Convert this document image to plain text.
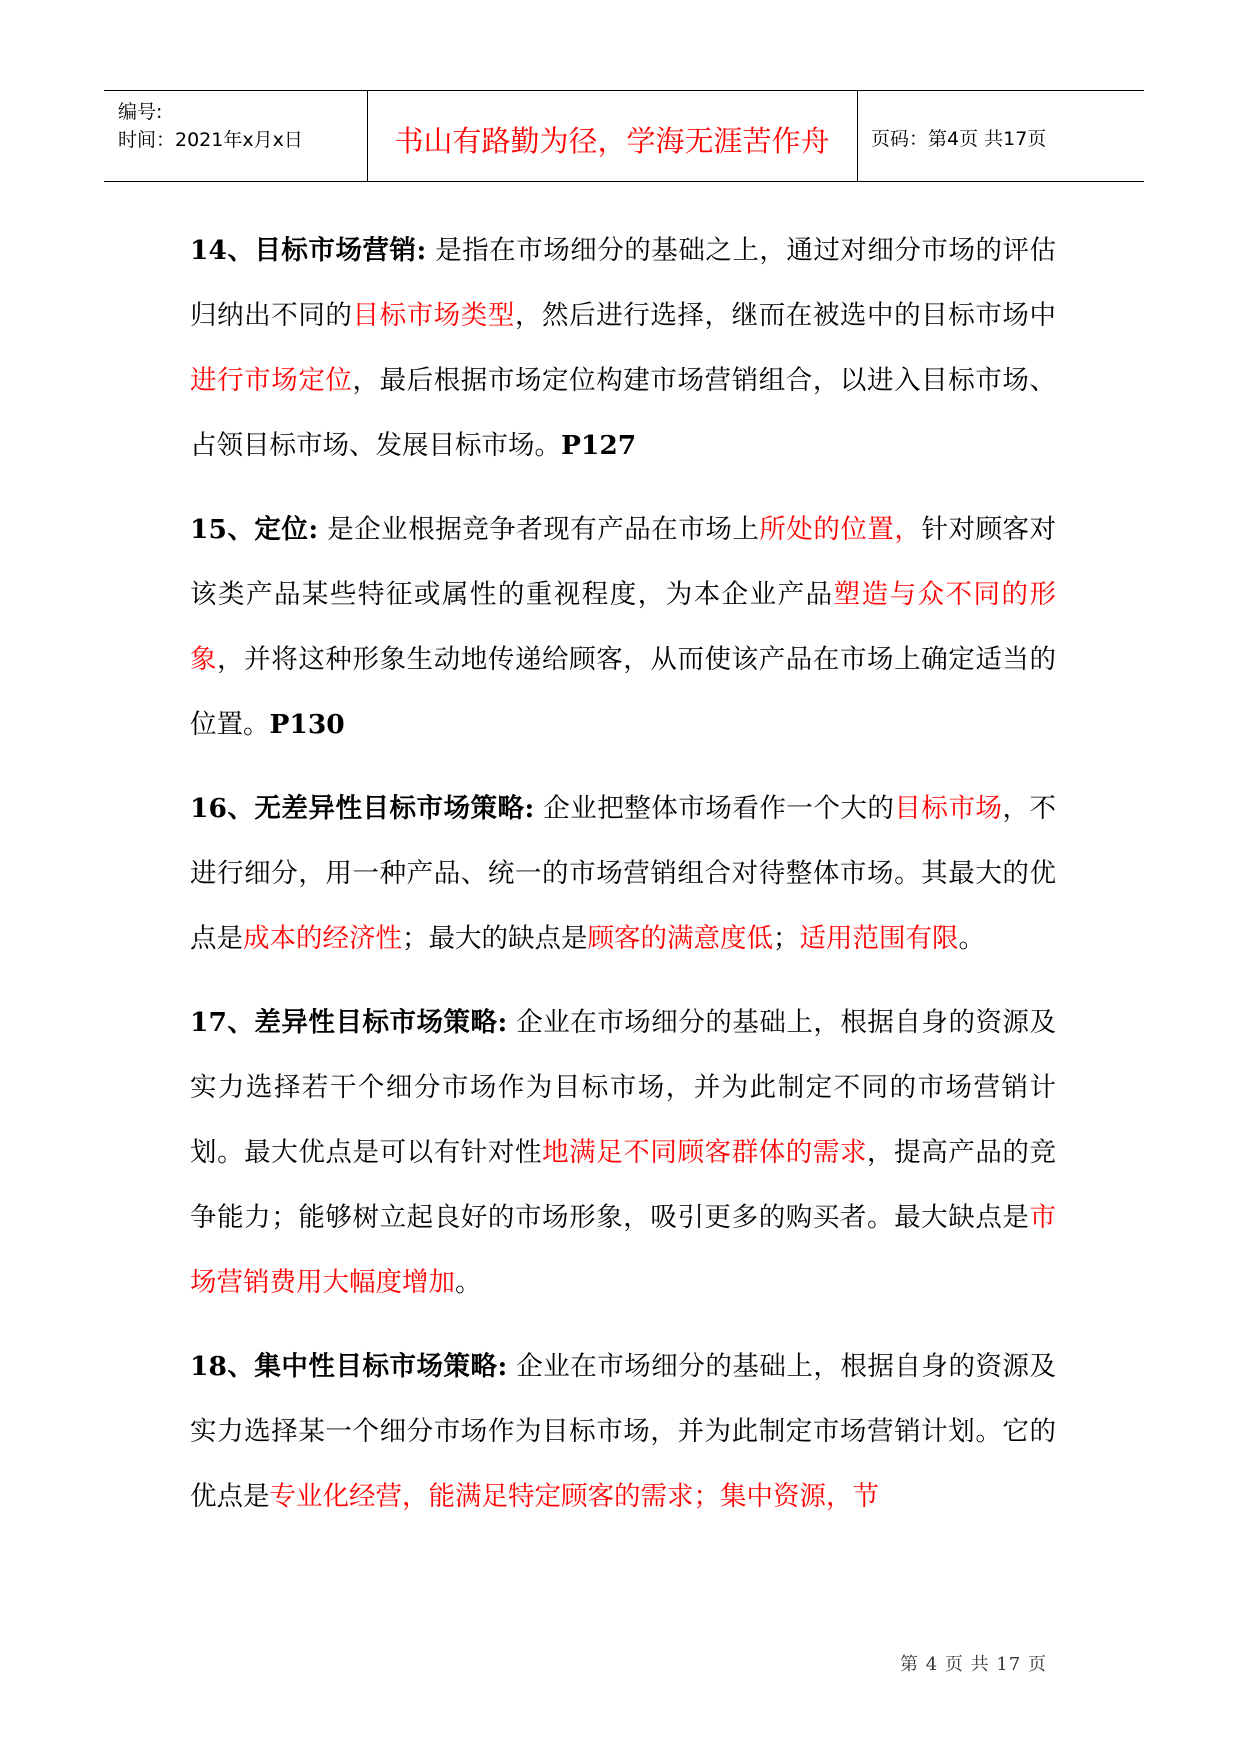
编号:
时间：2021年x月x日	书山有路勤为径，学海无涯苦作舟	页码：第4页 共17页

14、目标市场营销: 是指在市场细分的基础之上，通过对细分市场的评估归纳出不同的目标市场类型，然后进行选择，继而在被选中的目标市场中进行市场定位，最后根据市场定位构建市场营销组合，以进入目标市场、占领目标市场、发展目标市场。P127

15、定位: 是企业根据竞争者现有产品在市场上所处的位置，针对顾客对该类产品某些特征或属性的重视程度，为本企业产品塑造与众不同的形象，并将这种形象生动地传递给顾客，从而使该产品在市场上确定适当的位置。P130

16、无差异性目标市场策略: 企业把整体市场看作一个大的目标市场，不进行细分，用一种产品、统一的市场营销组合对待整体市场。其最大的优点是成本的经济性；最大的缺点是顾客的满意度低；适用范围有限。

17、差异性目标市场策略: 企业在市场细分的基础上，根据自身的资源及实力选择若干个细分市场作为目标市场，并为此制定不同的市场营销计划。最大优点是可以有针对性地满足不同顾客群体的需求，提高产品的竞争能力；能够树立起良好的市场形象，吸引更多的购买者。最大缺点是市场营销费用大幅度增加。

18、集中性目标市场策略: 企业在市场细分的基础上，根据自身的资源及实力选择某一个细分市场作为目标市场，并为此制定市场营销计划。它的优点是专业化经营，能满足特定顾客的需求；集中资源，节

第 4 页 共 17 页
